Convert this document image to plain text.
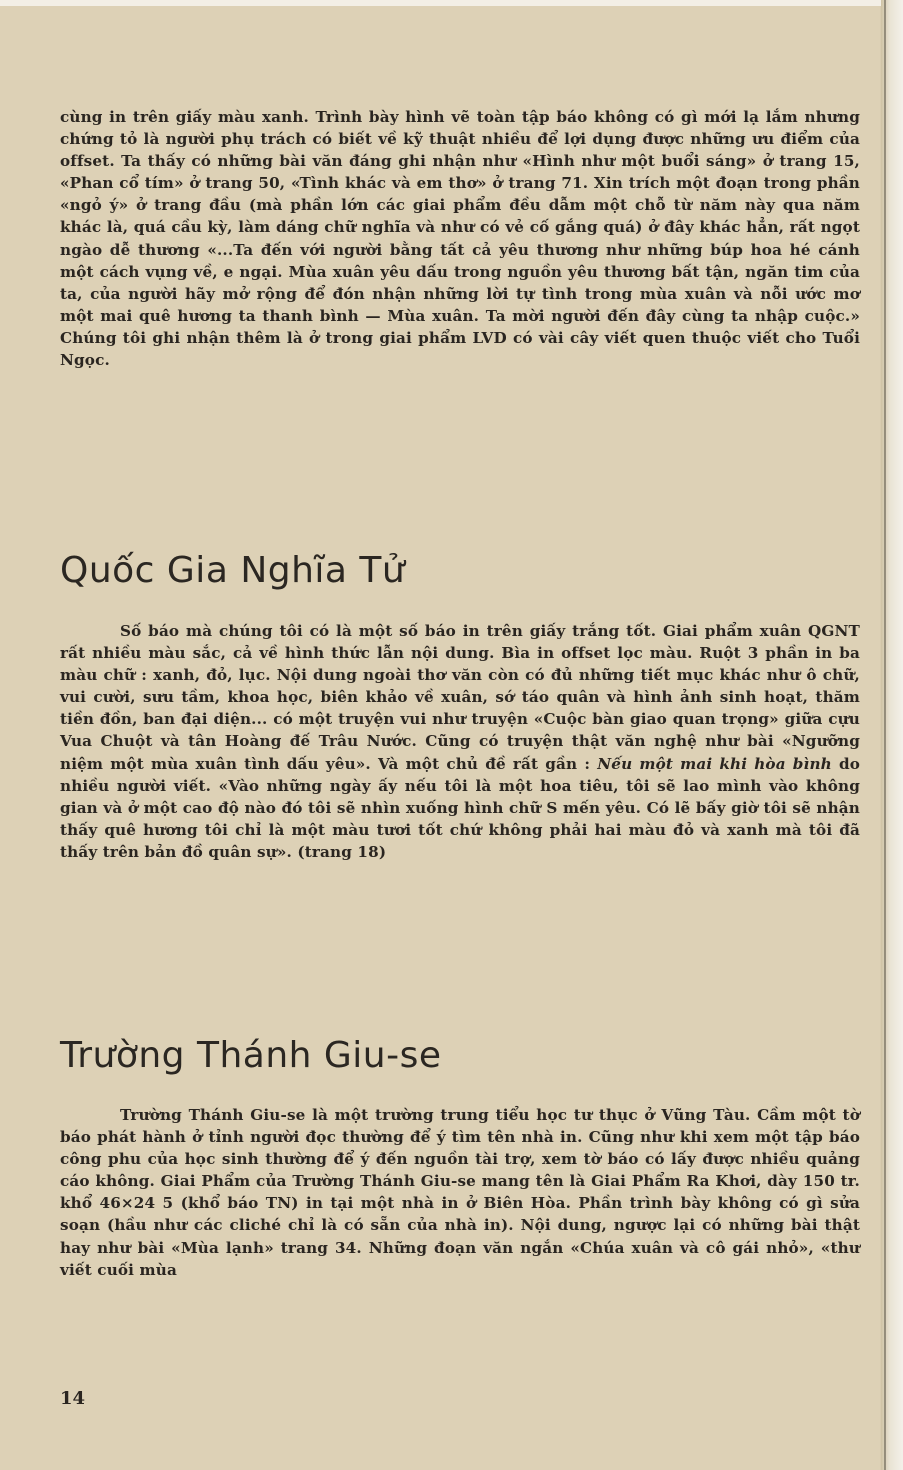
cùng in trên giấy màu xanh. Trình bày hình vẽ toàn tập báo không có gì mới lạ lắm nhưng chứng tỏ là người phụ trách có biết về kỹ thuật nhiều để lợi dụng được những ưu điểm của offset. Ta thấy có những bài văn đáng ghi nhận như «Hình như một buổi sáng» ở trang 15, «Phan cổ tím» ở trang 50, «Tình khác và em thơ» ở trang 71. Xin trích một đoạn trong phần «ngỏ ý» ở trang đầu (mà phần lớn các giai phẩm đều dẫm một chỗ từ năm này qua năm khác là, quá cầu kỳ, làm dáng chữ nghĩa và như có vẻ cố gắng quá) ở đây khác hẳn, rất ngọt ngào dễ thương «...Ta đến với người bằng tất cả yêu thương như những búp hoa hé cánh một cách vụng về, e ngại. Mùa xuân yêu dấu trong nguồn yêu thương bất tận, ngăn tim của ta, của người hãy mở rộng để đón nhận những lời tự tình trong mùa xuân và nỗi ước mơ một mai quê hương ta thanh bình — Mùa xuân. Ta mời người đến đây cùng ta nhập cuộc.» Chúng tôi ghi nhận thêm là ở trong giai phẩm LVD có vài cây viết quen thuộc viết cho Tuổi Ngọc.

Quốc Gia Nghĩa Tử

Số báo mà chúng tôi có là một số báo in trên giấy trắng tốt. Giai phẩm xuân QGNT rất nhiều màu sắc, cả về hình thức lẫn nội dung. Bìa in offset lọc màu. Ruột 3 phần in ba màu chữ : xanh, đỏ, lục. Nội dung ngoài thơ văn còn có đủ những tiết mục khác như ô chữ, vui cười, sưu tầm, khoa học, biên khảo về xuân, sớ táo quân và hình ảnh sinh hoạt, thăm tiền đồn, ban đại diện... có một truyện vui như truyện «Cuộc bàn giao quan trọng» giữa cựu Vua Chuột và tân Hoàng đế Trâu Nước. Cũng có truyện thật văn nghệ như bài «Ngưỡng niệm một mùa xuân tình dấu yêu». Và một chủ đề rất gần : Nếu một mai khi hòa bình do nhiều người viết. «Vào những ngày ấy nếu tôi là một hoa tiêu, tôi sẽ lao mình vào không gian và ở một cao độ nào đó tôi sẽ nhìn xuống hình chữ S mến yêu. Có lẽ bấy giờ tôi sẽ nhận thấy quê hương tôi chỉ là một màu tươi tốt chứ không phải hai màu đỏ và xanh mà tôi đã thấy trên bản đồ quân sự». (trang 18)

Trường Thánh Giu-se

Trường Thánh Giu-se là một trường trung tiểu học tư thục ở Vũng Tàu. Cầm một tờ báo phát hành ở tỉnh người đọc thường để ý tìm tên nhà in. Cũng như khi xem một tập báo công phu của học sinh thường để ý đến nguồn tài trợ, xem tờ báo có lấy được nhiều quảng cáo không. Giai Phẩm của Trường Thánh Giu-se mang tên là Giai Phẩm Ra Khơi, dày 150 tr. khổ 46×24 5 (khổ báo TN) in tại một nhà in ở Biên Hòa. Phần trình bày không có gì sửa soạn (hầu như các cliché chỉ là có sẵn của nhà in). Nội dung, ngược lại có những bài thật hay như bài «Mùa lạnh» trang 34. Những đoạn văn ngắn «Chúa xuân và cô gái nhỏ», «thư viết cuối mùa

14
